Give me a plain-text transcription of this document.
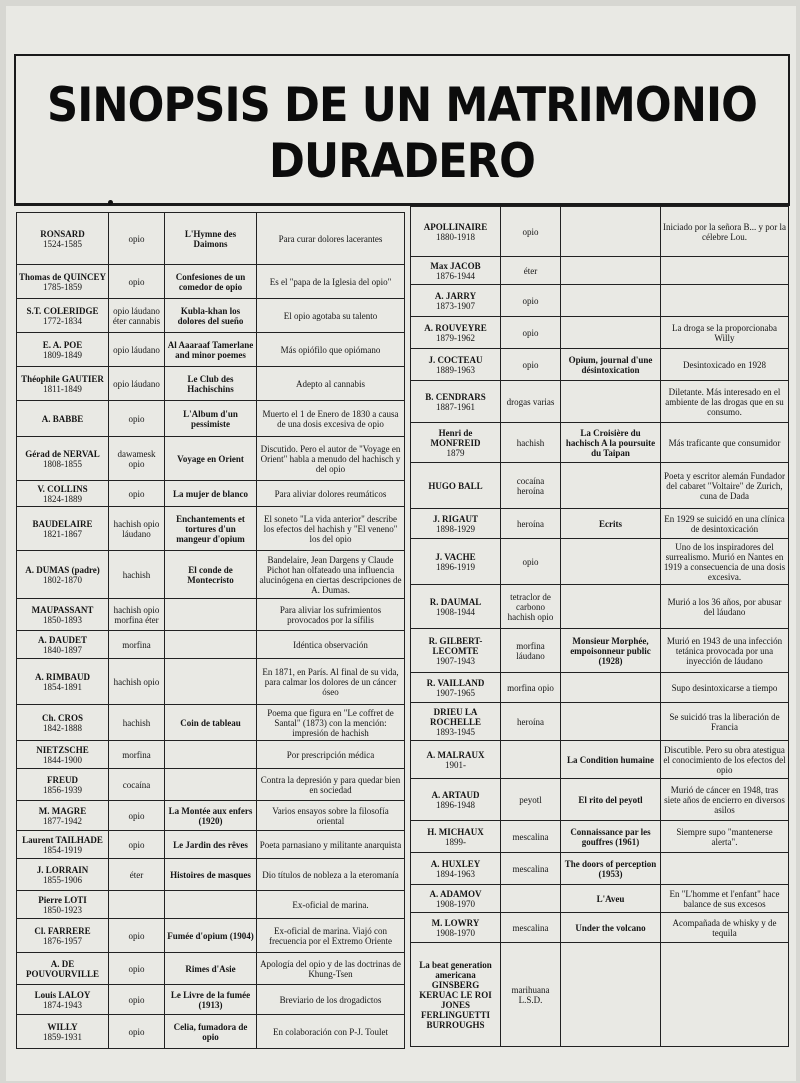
SINOPSIS DE UN MATRIMONIO DURADERO
RONSARD
1524-1585	opio	L'Hymne des Daimons	Para curar dolores lacerantes

Thomas de QUINCEY
1785-1859	opio	Confesiones de un comedor de opio	Es el "papa de la Iglesia del opio"

S.T. COLERIDGE
1772-1834	opio láudano éter cannabis	Kubla-khan los dolores del sueño	El opio agotaba su talento

E. A. POE
1809-1849	opio láudano	Al Aaaraaf Tamerlane and minor poemes	Más opiófilo que opiómano

Théophile GAUTIER
1811-1849	opio láudano	Le Club des Hachischins	Adepto al cannabis

A. BABBE	opio	L'Album d'un pessimiste	Muerto el 1 de Enero de 1830 a causa de una dosis excesiva de opio

Gérad de NERVAL
1808-1855	dawamesk opio	Voyage en Orient	Discutido. Pero el autor de "Voyage en Orient" habla a menudo del hachisch y del opio

V. COLLINS
1824-1889	opio	La mujer de blanco	Para aliviar dolores reumáticos

BAUDELAIRE
1821-1867	hachish opio láudano	Enchantements et tortures d'un mangeur d'opium	El soneto "La vida anterior" describe los efectos del hachish y "El veneno" los del opio

A. DUMAS (padre)
1802-1870	hachish	El conde de Montecristo	Bandelaire, Jean Dargens y Claude Pichot han olfateado una influencia alucinógena en ciertas descripciones de A. Dumas.

MAUPASSANT
1850-1893	hachish opio morfina éter		Para aliviar los sufrimientos provocados por la sífilis

A. DAUDET
1840-1897	morfina		Idéntica observación

A. RIMBAUD
1854-1891	hachish opio		En 1871, en París. Al final de su vida, para calmar los dolores de un cáncer óseo

Ch. CROS
1842-1888	hachish	Coin de tableau	Poema que figura en "Le coffret de Santal" (1873) con la mención: impresión de hachish

NIETZSCHE
1844-1900	morfina		Por prescripción médica

FREUD
1856-1939	cocaína		Contra la depresión y para quedar bien en sociedad

M. MAGRE
1877-1942	opio	La Montée aux enfers (1920)	Varios ensayos sobre la filosofía oriental

Laurent TAILHADE
1854-1919	opio	Le Jardin des rêves	Poeta parnasiano y militante anarquista

J. LORRAIN
1855-1906	éter	Histoires de masques	Dio títulos de nobleza a la eteromanía

Pierre LOTI
1850-1923			Ex-oficial de marina.

Cl. FARRERE
1876-1957	opio	Fumée d'opium (1904)	Ex-oficial de marina. Viajó con frecuencia por el Extremo Oriente

A. DE POUVOURVILLE	opio	Rimes d'Asie	Apología del opio y de las doctrinas de Khung-Tsen

Louis LALOY
1874-1943	opio	Le Livre de la fumée (1913)	Breviario de los drogadictos

WILLY
1859-1931	opio	Celia, fumadora de opio	En colaboración con P-J. Toulet
APOLLINAIRE
1880-1918	opio		Iniciado por la señora B... y por la célebre Lou.

Max JACOB
1876-1944	éter		

A. JARRY
1873-1907	opio		

A. ROUVEYRE
1879-1962	opio		La droga se la proporcionaba Willy

J. COCTEAU
1889-1963	opio	Opium, journal d'une désintoxication	Desintoxicado en 1928

B. CENDRARS
1887-1961	drogas varias		Diletante. Más interesado en el ambiente de las drogas que en su consumo.

Henri de MONFREID
1879	hachish	La Croisière du hachisch A la poursuite du Taipan	Más traficante que consumidor

HUGO BALL	cocaína heroína		Poeta y escritor alemán Fundador del cabaret "Voltaire" de Zurich, cuna de Dada

J. RIGAUT
1898-1929	heroína	Ecrits	En 1929 se suicidó en una clínica de desintoxicación

J. VACHE
1896-1919	opio		Uno de los inspiradores del surrealismo. Murió en Nantes en 1919 a consecuencia de una dosis excesiva.

R. DAUMAL
1908-1944	tetraclor de carbono hachish opio		Murió a los 36 años, por abusar del láudano

R. GILBERT-LECOMTE
1907-1943	morfina láudano	Monsieur Morphée, empoisonneur public (1928)	Murió en 1943 de una infección tetánica provocada por una inyección de láudano

R. VAILLAND
1907-1965	morfina opio		Supo desintoxicarse a tiempo

DRIEU LA ROCHELLE
1893-1945	heroína		Se suicidó tras la liberación de Francia

A. MALRAUX
1901-		La Condition humaine	Discutible. Pero su obra atestigua el conocimiento de los efectos del opio

A. ARTAUD
1896-1948	peyotl	El rito del peyotl	Murió de cáncer en 1948, tras siete años de encierro en diversos asilos

H. MICHAUX
1899-	mescalina	Connaissance par les gouffres (1961)	Siempre supo "mantenerse alerta".

A. HUXLEY
1894-1963	mescalina	The doors of perception (1953)	

A. ADAMOV
1908-1970		L'Aveu	En "L'homme et l'enfant" hace balance de sus excesos

M. LOWRY
1908-1970	mescalina	Under the volcano	Acompañada de whisky y de tequila

La beat generation americana GINSBERG KERUAC LE ROI JONES FERLINGUETTI BURROUGHS	marihuana L.S.D.		
